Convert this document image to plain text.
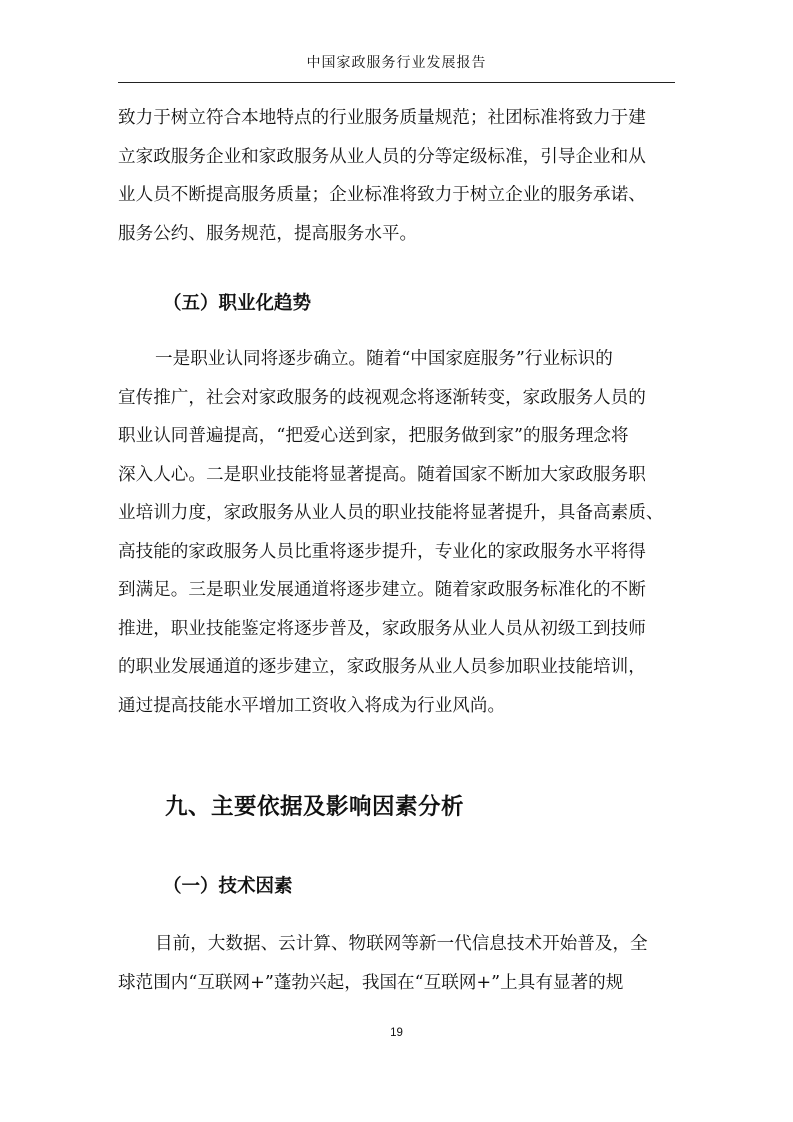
中国家政服务行业发展报告

致力于树立符合本地特点的行业服务质量规范；社团标准将致力于建
立家政服务企业和家政服务从业人员的分等定级标准，引导企业和从
业人员不断提高服务质量；企业标准将致力于树立企业的服务承诺、
服务公约、服务规范，提高服务水平。

（五）职业化趋势

一是职业认同将逐步确立。随着“中国家庭服务”行业标识的
宣传推广，社会对家政服务的歧视观念将逐渐转变，家政服务人员的
职业认同普遍提高，“把爱心送到家，把服务做到家”的服务理念将
深入人心。二是职业技能将显著提高。随着国家不断加大家政服务职
业培训力度，家政服务从业人员的职业技能将显著提升，具备高素质、
高技能的家政服务人员比重将逐步提升，专业化的家政服务水平将得
到满足。三是职业发展通道将逐步建立。随着家政服务标准化的不断
推进，职业技能鉴定将逐步普及，家政服务从业人员从初级工到技师
的职业发展通道的逐步建立，家政服务从业人员参加职业技能培训，
通过提高技能水平增加工资收入将成为行业风尚。

九、主要依据及影响因素分析
（一）技术因素

目前，大数据、云计算、物联网等新一代信息技术开始普及，全
球范围内“互联网+”蓬勃兴起，我国在“互联网+”上具有显著的规

19
